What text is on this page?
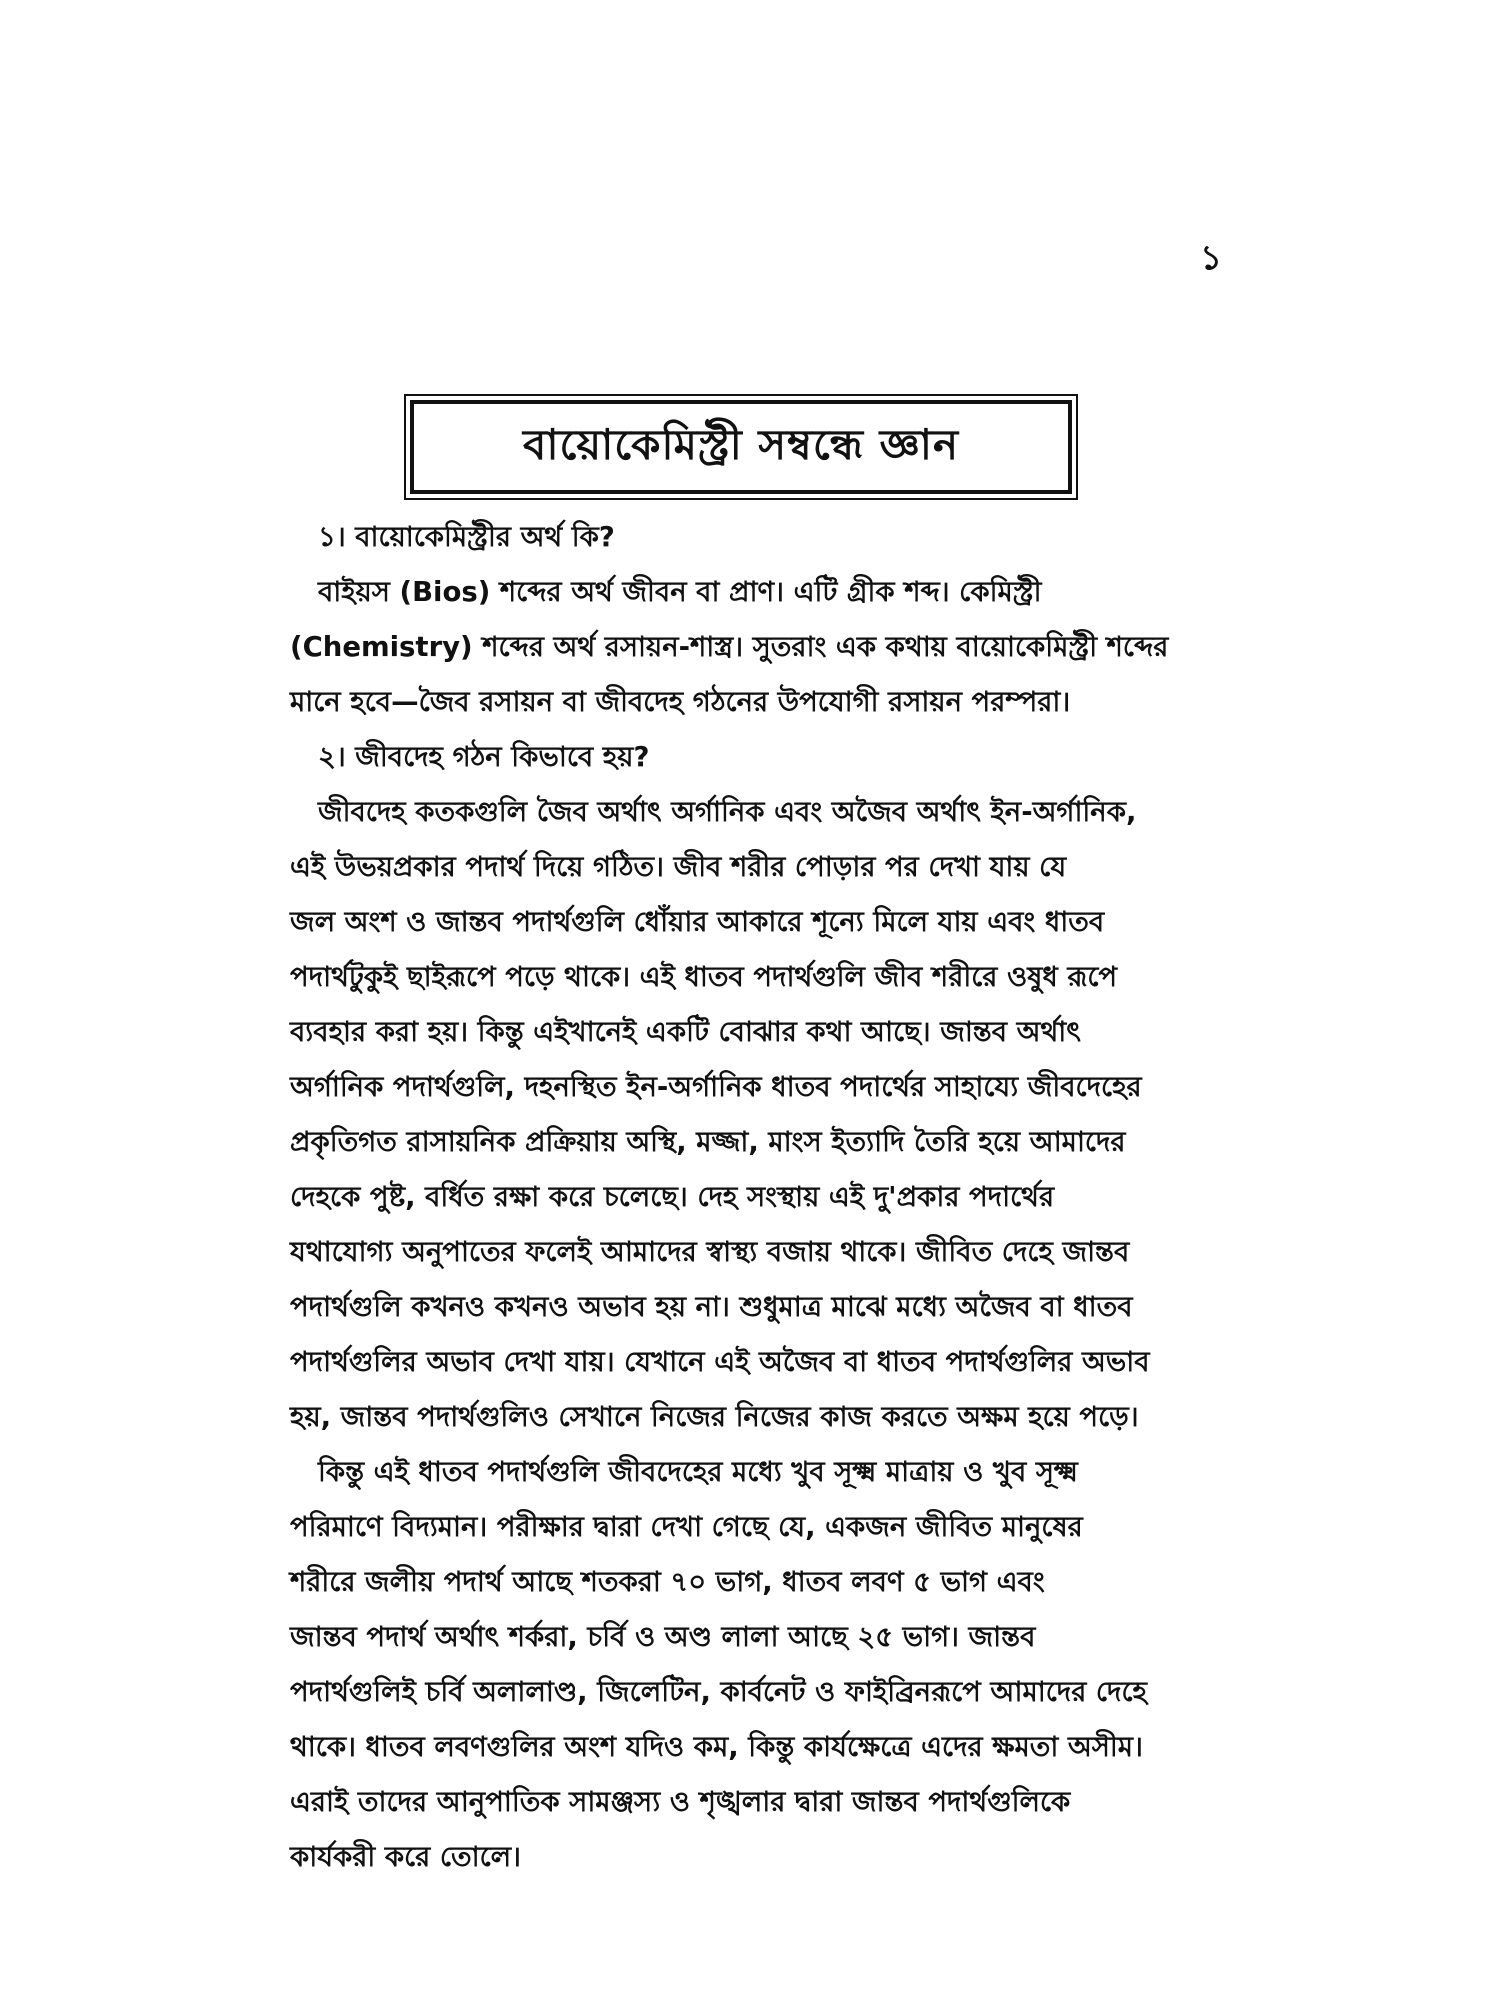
১
বায়োকেমিস্ট্রী সম্বন্ধে জ্ঞান
১। বায়োকেমিস্ট্রীর অর্থ কি?
বাইয়স (Bios) শব্দের অর্থ জীবন বা প্রাণ। এটি গ্রীক শব্দ। কেমিস্ট্রী
(Chemistry) শব্দের অর্থ রসায়ন-শাস্ত্র। সুতরাং এক কথায় বায়োকেমিস্ট্রী শব্দের
মানে হবে—জৈব রসায়ন বা জীবদেহ গঠনের উপযোগী রসায়ন পরম্পরা।
২। জীবদেহ গঠন কিভাবে হয়?
জীবদেহ কতকগুলি জৈব অর্থাৎ অর্গানিক এবং অজৈব অর্থাৎ ইন-অর্গানিক,
এই উভয়প্রকার পদার্থ দিয়ে গঠিত। জীব শরীর পোড়ার পর দেখা যায় যে
জল অংশ ও জান্তব পদার্থগুলি ধোঁয়ার আকারে শূন্যে মিলে যায় এবং ধাতব
পদার্থটুকুই ছাইরূপে পড়ে থাকে। এই ধাতব পদার্থগুলি জীব শরীরে ওষুধ রূপে
ব্যবহার করা হয়। কিন্তু এইখানেই একটি বোঝার কথা আছে। জান্তব অর্থাৎ
অর্গানিক পদার্থগুলি, দহনস্থিত ইন-অর্গানিক ধাতব পদার্থের সাহায্যে জীবদেহের
প্রকৃতিগত রাসায়নিক প্রক্রিয়ায় অস্থি, মজ্জা, মাংস ইত্যাদি তৈরি হয়ে আমাদের
দেহকে পুষ্ট, বর্ধিত রক্ষা করে চলেছে। দেহ সংস্থায় এই দু'প্রকার পদার্থের
যথাযোগ্য অনুপাতের ফলেই আমাদের স্বাস্থ্য বজায় থাকে। জীবিত দেহে জান্তব
পদার্থগুলি কখনও কখনও অভাব হয় না। শুধুমাত্র মাঝে মধ্যে অজৈব বা ধাতব
পদার্থগুলির অভাব দেখা যায়। যেখানে এই অজৈব বা ধাতব পদার্থগুলির অভাব
হয়, জান্তব পদার্থগুলিও সেখানে নিজের নিজের কাজ করতে অক্ষম হয়ে পড়ে।
কিন্তু এই ধাতব পদার্থগুলি জীবদেহের মধ্যে খুব সূক্ষ্ম মাত্রায় ও খুব সূক্ষ্ম
পরিমাণে বিদ্যমান। পরীক্ষার দ্বারা দেখা গেছে যে, একজন জীবিত মানুষের
শরীরে জলীয় পদার্থ আছে শতকরা ৭০ ভাগ, ধাতব লবণ ৫ ভাগ এবং
জান্তব পদার্থ অর্থাৎ শর্করা, চর্বি ও অণ্ড লালা আছে ২৫ ভাগ। জান্তব
পদার্থগুলিই চর্বি অলালাণ্ড, জিলেটিন, কার্বনেট ও ফাইব্রিনরূপে আমাদের দেহে
থাকে। ধাতব লবণগুলির অংশ যদিও কম, কিন্তু কার্যক্ষেত্রে এদের ক্ষমতা অসীম।
এরাই তাদের আনুপাতিক সামঞ্জস্য ও শৃঙ্খলার দ্বারা জান্তব পদার্থগুলিকে
কার্যকরী করে তোলে।
